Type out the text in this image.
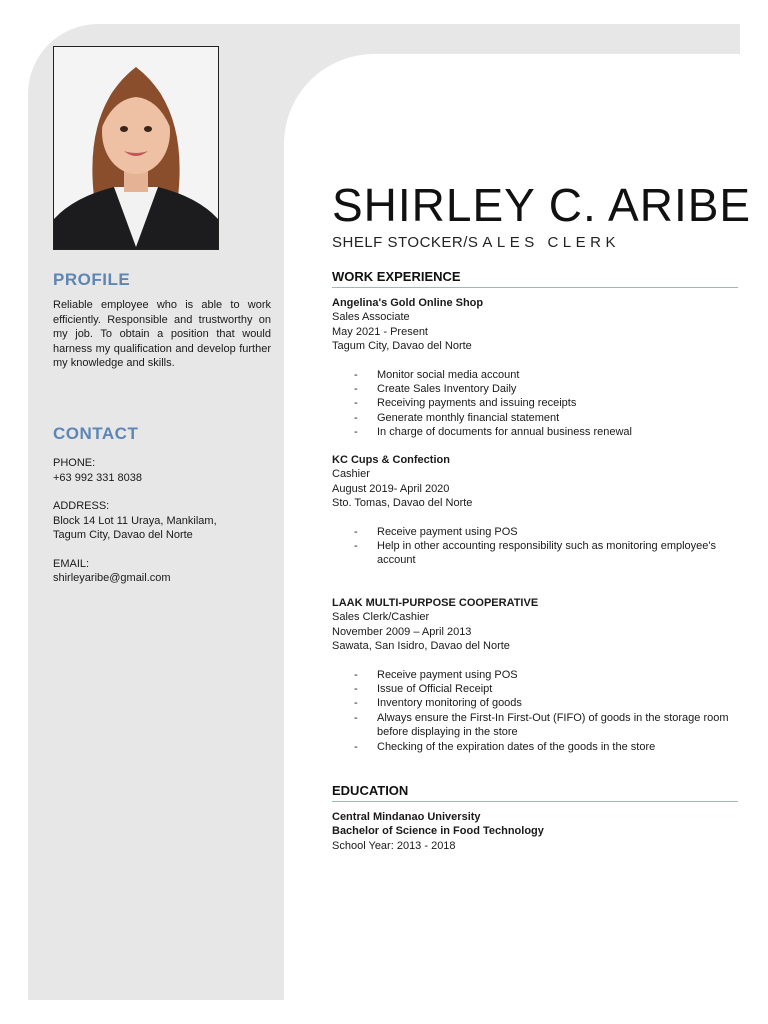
PROFILE
Reliable employee who is able to work efficiently. Responsible and trustworthy on my job. To obtain a position that would harness my qualification and develop further my knowledge and skills.
CONTACT
PHONE:
+63 992 331 8038
ADDRESS:
Block 14 Lot 11 Uraya, Mankilam,
Tagum City, Davao del Norte
EMAIL:
shirleyaribe@gmail.com
SHIRLEY C. ARIBE
SHELF STOCKER/SALES CLERK
WORK EXPERIENCE
Angelina's Gold Online Shop
Sales Associate
May 2021 - Present
Tagum City, Davao del Norte
- Monitor social media account
- Create Sales Inventory Daily
- Receiving payments and issuing receipts
- Generate monthly financial statement
- In charge of documents for annual business renewal
KC Cups & Confection
Cashier
August 2019- April 2020
Sto. Tomas, Davao del Norte
- Receive payment using POS
- Help in other accounting responsibility such as monitoring employee's account
LAAK MULTI-PURPOSE COOPERATIVE
Sales Clerk/Cashier
November 2009 – April 2013
Sawata, San Isidro, Davao del Norte
- Receive payment using POS
- Issue of Official Receipt
- Inventory monitoring of goods
- Always ensure the First-In First-Out (FIFO) of goods in the storage room before displaying in the store
- Checking of the expiration dates of the goods in the store
EDUCATION
Central Mindanao University
Bachelor of Science in Food Technology
School Year: 2013 - 2018
